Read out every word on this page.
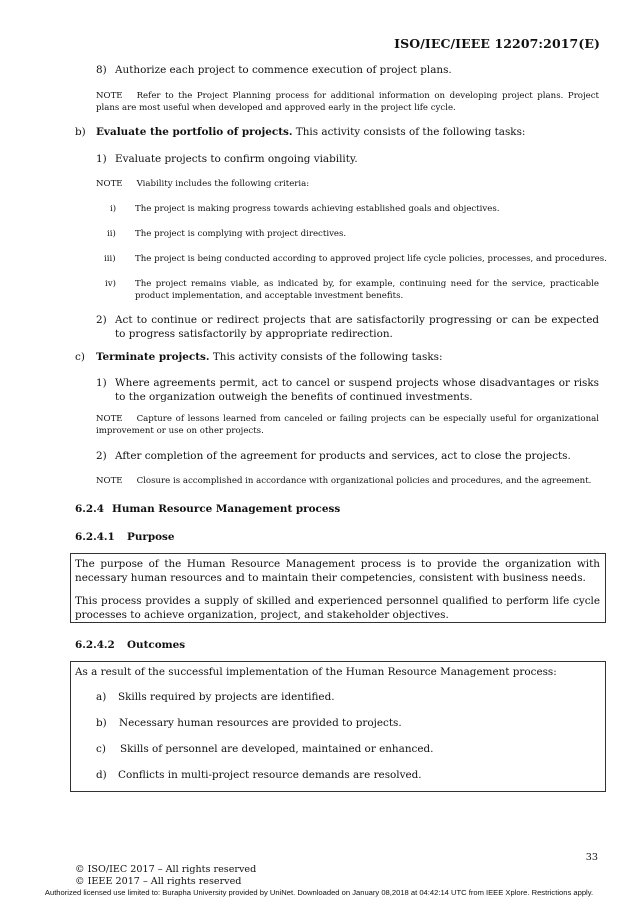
ISO/IEC/IEEE 12207:2017(E)
8) Authorize each project to commence execution of project plans.
NOTE Refer to the Project Planning process for additional information on developing project plans. Project plans are most useful when developed and approved early in the project life cycle.
b) Evaluate the portfolio of projects. This activity consists of the following tasks:
1) Evaluate projects to confirm ongoing viability.
NOTE Viability includes the following criteria:
i) The project is making progress towards achieving established goals and objectives.
ii) The project is complying with project directives.
iii) The project is being conducted according to approved project life cycle policies, processes, and procedures.
iv) The project remains viable, as indicated by, for example, continuing need for the service, practicable product implementation, and acceptable investment benefits.
2) Act to continue or redirect projects that are satisfactorily progressing or can be expected to progress satisfactorily by appropriate redirection.
c) Terminate projects. This activity consists of the following tasks:
1) Where agreements permit, act to cancel or suspend projects whose disadvantages or risks to the organization outweigh the benefits of continued investments.
NOTE Capture of lessons learned from canceled or failing projects can be especially useful for organizational improvement or use on other projects.
2) After completion of the agreement for products and services, act to close the projects.
NOTE Closure is accomplished in accordance with organizational policies and procedures, and the agreement.
6.2.4 Human Resource Management process
6.2.4.1 Purpose
The purpose of the Human Resource Management process is to provide the organization with necessary human resources and to maintain their competencies, consistent with business needs.
This process provides a supply of skilled and experienced personnel qualified to perform life cycle processes to achieve organization, project, and stakeholder objectives.
6.2.4.2 Outcomes
As a result of the successful implementation of the Human Resource Management process:
a) Skills required by projects are identified.
b) Necessary human resources are provided to projects.
c) Skills of personnel are developed, maintained or enhanced.
d) Conflicts in multi-project resource demands are resolved.
33
© ISO/IEC 2017 – All rights reserved
© IEEE 2017 – All rights reserved
Authorized licensed use limited to: Burapha University provided by UniNet. Downloaded on January 08,2018 at 04:42:14 UTC from IEEE Xplore. Restrictions apply.
